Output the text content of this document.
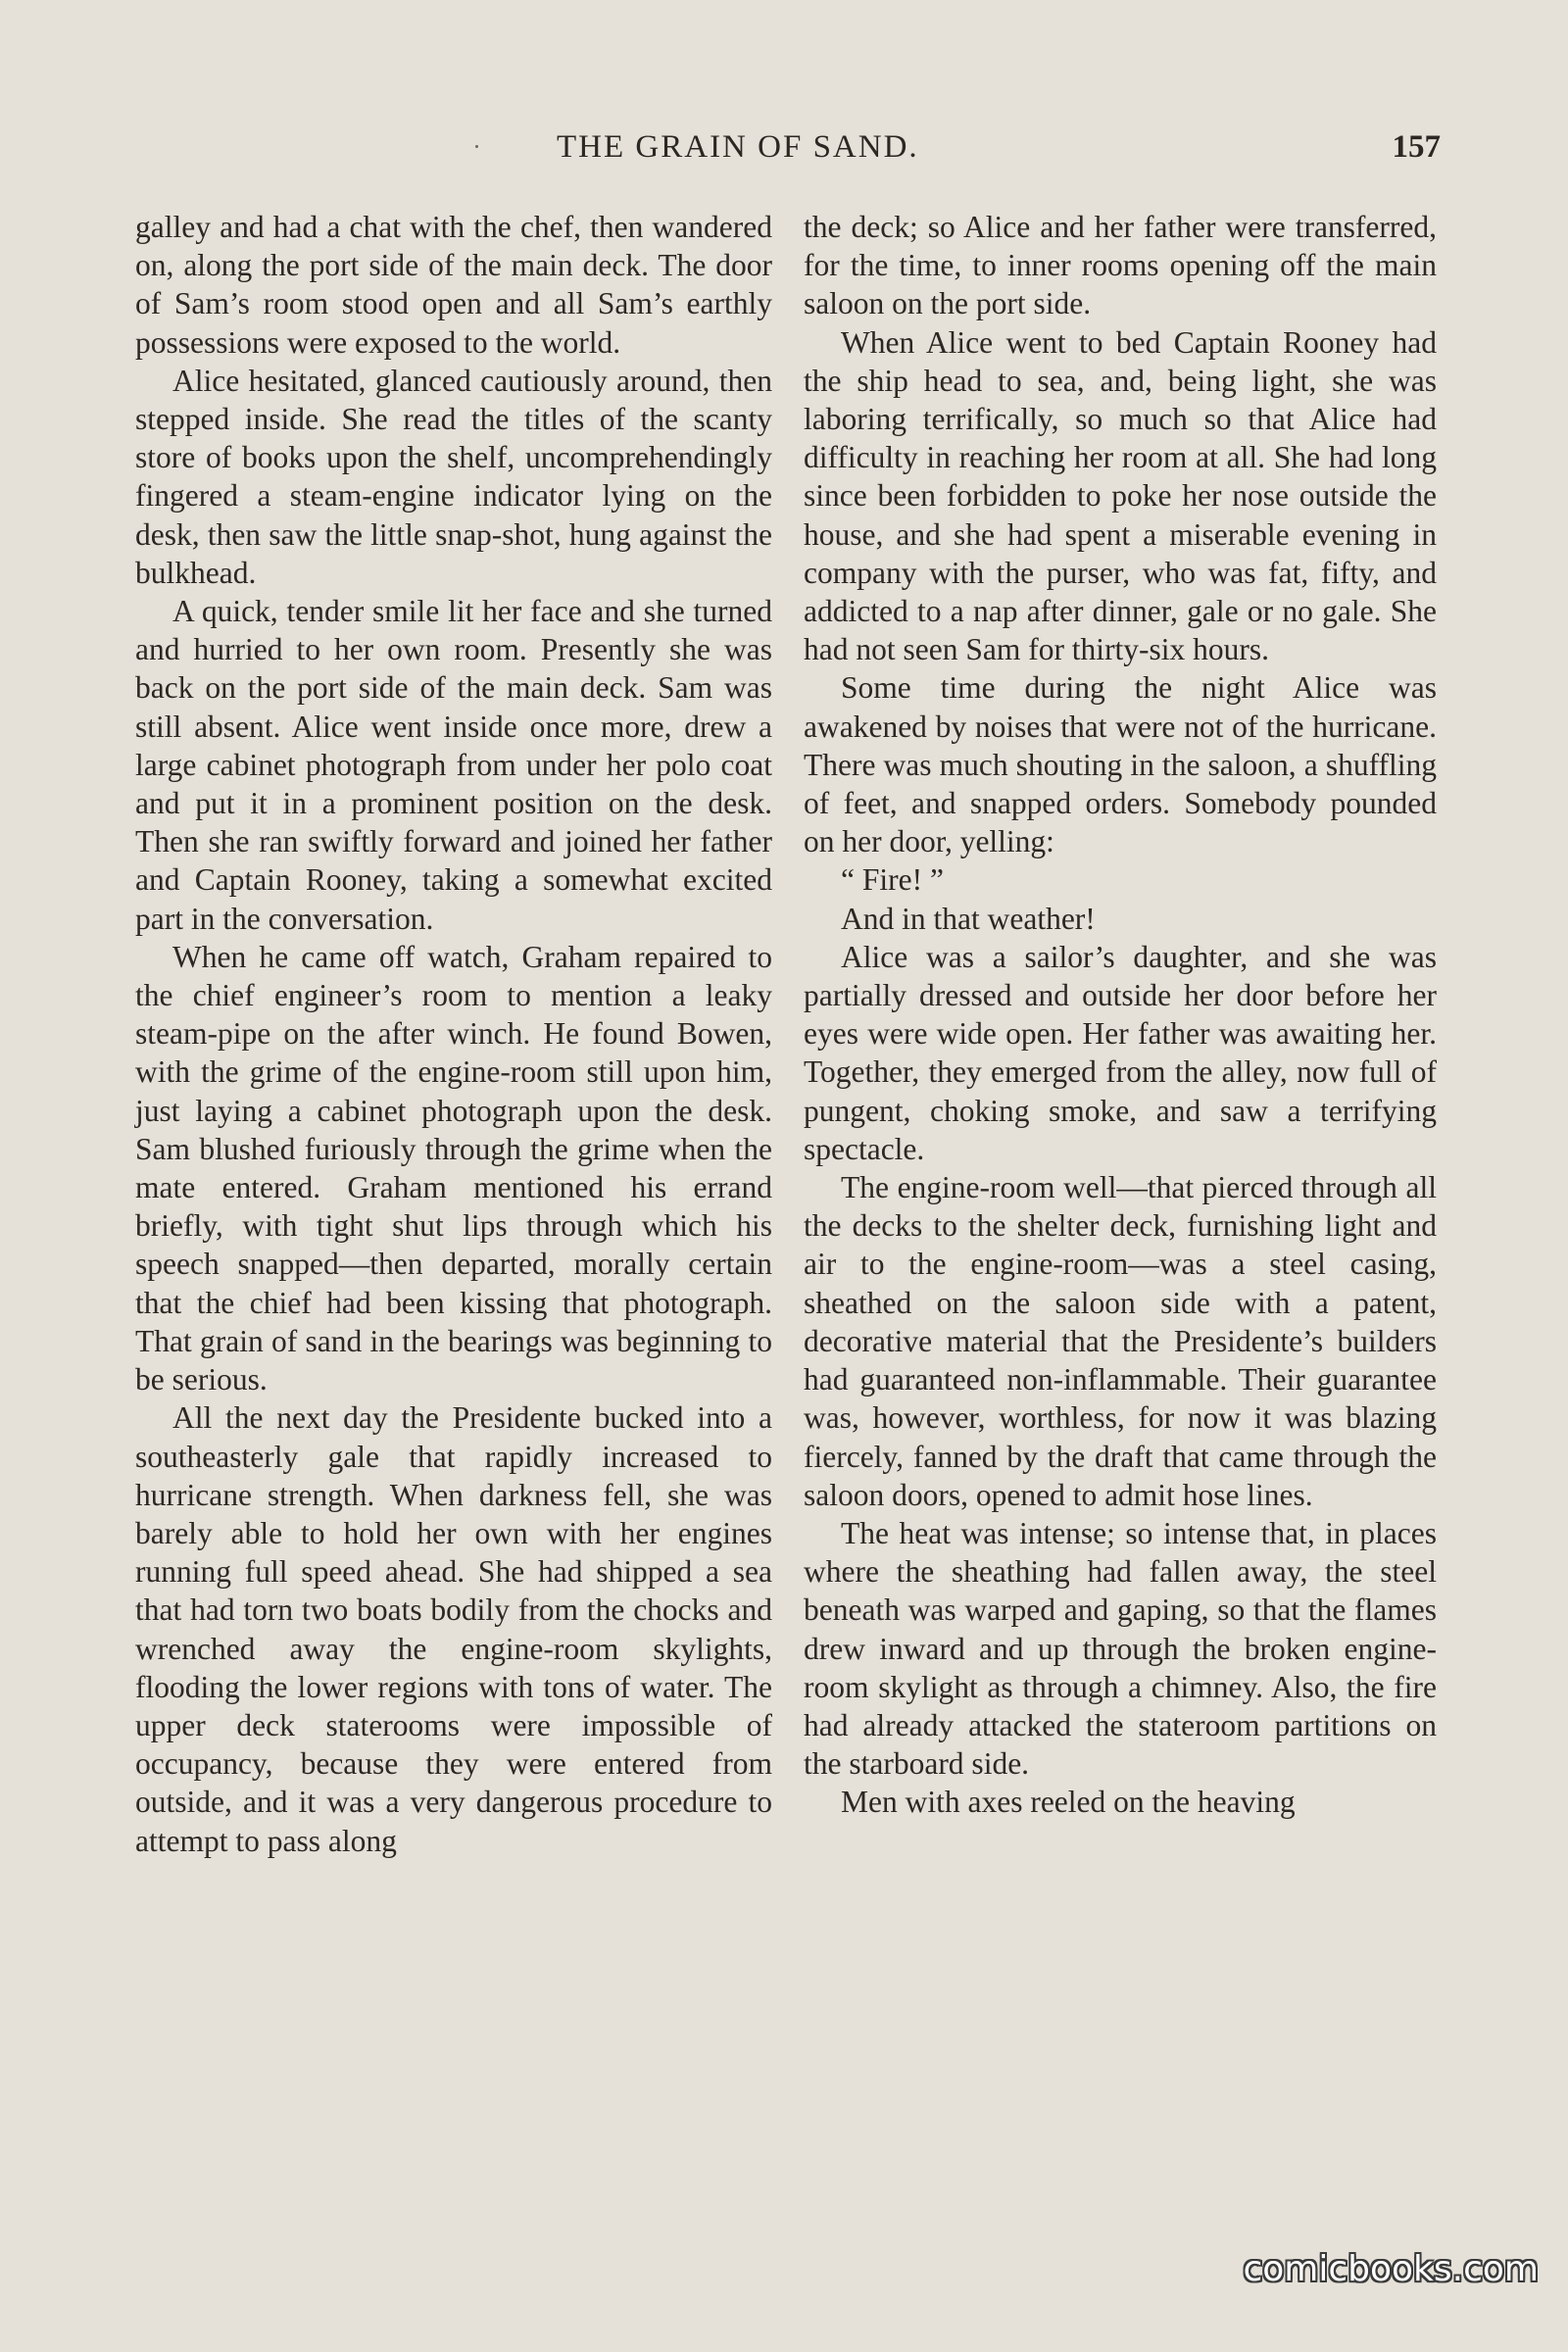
THE GRAIN OF SAND.	157

galley and had a chat with the chef, then wandered on, along the port side of the main deck. The door of Sam’s room stood open and all Sam’s earthly possessions were exposed to the world.

Alice hesitated, glanced cautiously around, then stepped inside. She read the titles of the scanty store of books upon the shelf, uncomprehendingly fingered a steam-engine indicator lying on the desk, then saw the little snap-shot, hung against the bulkhead.

A quick, tender smile lit her face and she turned and hurried to her own room. Presently she was back on the port side of the main deck. Sam was still absent. Alice went inside once more, drew a large cabinet photograph from under her polo coat and put it in a prominent position on the desk. Then she ran swiftly forward and joined her father and Captain Rooney, taking a somewhat excited part in the conversation.

When he came off watch, Graham repaired to the chief engineer’s room to mention a leaky steam-pipe on the after winch. He found Bowen, with the grime of the engine-room still upon him, just laying a cabinet photograph upon the desk. Sam blushed furiously through the grime when the mate entered. Graham mentioned his errand briefly, with tight shut lips through which his speech snapped—then departed, morally certain that the chief had been kissing that photograph. That grain of sand in the bearings was beginning to be serious.

All the next day the Presidente bucked into a southeasterly gale that rapidly increased to hurricane strength. When darkness fell, she was barely able to hold her own with her engines running full speed ahead. She had shipped a sea that had torn two boats bodily from the chocks and wrenched away the engine-room skylights, flooding the lower regions with tons of water. The upper deck staterooms were impossible of occupancy, because they were entered from outside, and it was a very dangerous procedure to attempt to pass along

the deck; so Alice and her father were transferred, for the time, to inner rooms opening off the main saloon on the port side.

When Alice went to bed Captain Rooney had the ship head to sea, and, being light, she was laboring terrifically, so much so that Alice had difficulty in reaching her room at all. She had long since been forbidden to poke her nose outside the house, and she had spent a miserable evening in company with the purser, who was fat, fifty, and addicted to a nap after dinner, gale or no gale. She had not seen Sam for thirty-six hours.

Some time during the night Alice was awakened by noises that were not of the hurricane. There was much shouting in the saloon, a shuffling of feet, and snapped orders. Somebody pounded on her door, yelling:

“ Fire! ”

And in that weather!

Alice was a sailor’s daughter, and she was partially dressed and outside her door before her eyes were wide open. Her father was awaiting her. Together, they emerged from the alley, now full of pungent, choking smoke, and saw a terrifying spectacle.

The engine-room well—that pierced through all the decks to the shelter deck, furnishing light and air to the engine-room—was a steel casing, sheathed on the saloon side with a patent, decorative material that the Presidente’s builders had guaranteed non-inflammable. Their guarantee was, however, worthless, for now it was blazing fiercely, fanned by the draft that came through the saloon doors, opened to admit hose lines.

The heat was intense; so intense that, in places where the sheathing had fallen away, the steel beneath was warped and gaping, so that the flames drew inward and up through the broken engine-room skylight as through a chimney. Also, the fire had already attacked the stateroom partitions on the starboard side.

Men with axes reeled on the heaving

comicbooks.com
